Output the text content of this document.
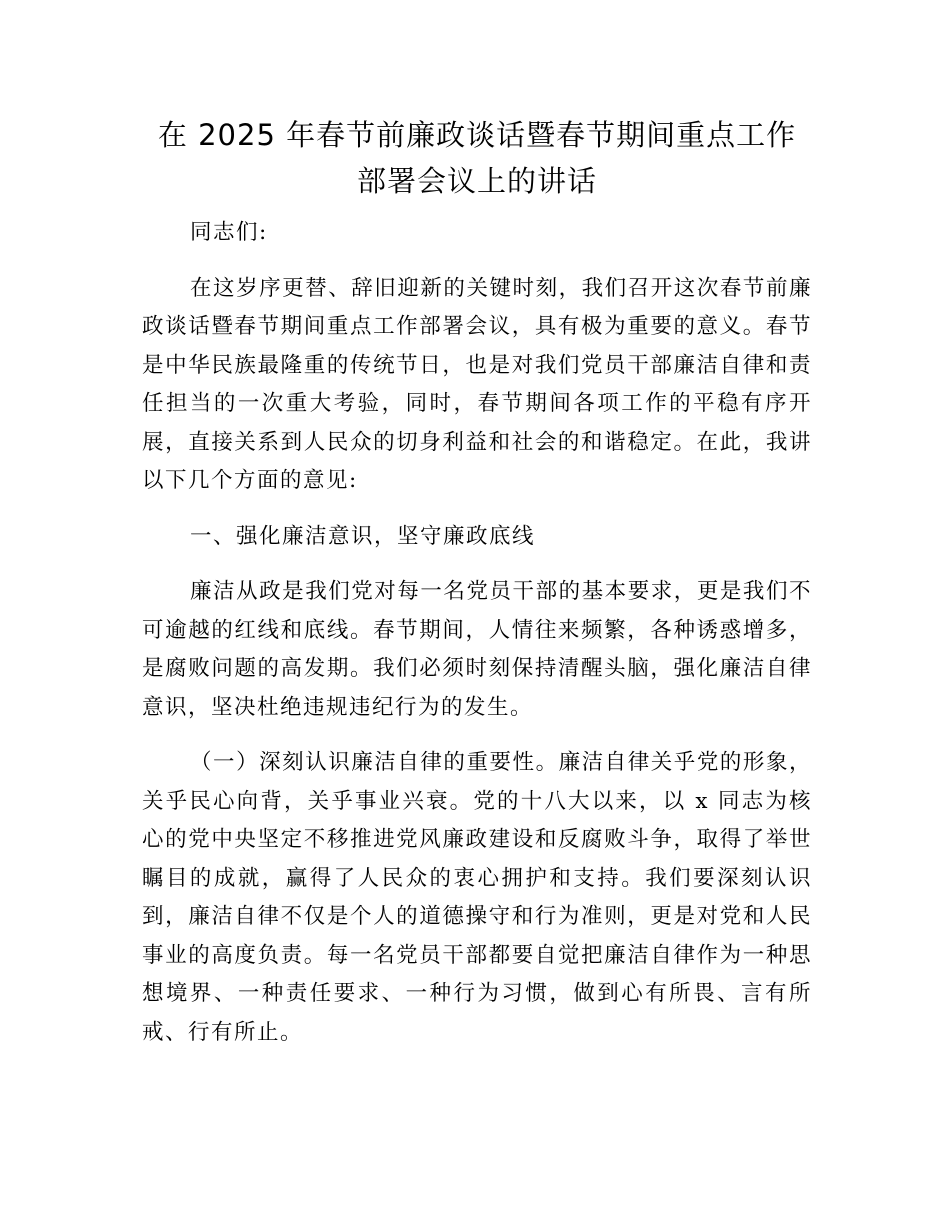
在 2025 年春节前廉政谈话暨春节期间重点工作
部署会议上的讲话

同志们:

在这岁序更替、辞旧迎新的关键时刻，我们召开这次春节前廉政谈话暨春节期间重点工作部署会议，具有极为重要的意义。春节是中华民族最隆重的传统节日，也是对我们党员干部廉洁自律和责任担当的一次重大考验，同时，春节期间各项工作的平稳有序开展，直接关系到人民众的切身利益和社会的和谐稳定。在此，我讲以下几个方面的意见:

一、强化廉洁意识，坚守廉政底线

廉洁从政是我们党对每一名党员干部的基本要求，更是我们不可逾越的红线和底线。春节期间，人情往来频繁，各种诱惑增多，是腐败问题的高发期。我们必须时刻保持清醒头脑，强化廉洁自律意识，坚决杜绝违规违纪行为的发生。

（一）深刻认识廉洁自律的重要性。廉洁自律关乎党的形象，关乎民心向背，关乎事业兴衰。党的十八大以来，以 x 同志为核心的党中央坚定不移推进党风廉政建设和反腐败斗争，取得了举世瞩目的成就，赢得了人民众的衷心拥护和支持。我们要深刻认识到，廉洁自律不仅是个人的道德操守和行为准则，更是对党和人民事业的高度负责。每一名党员干部都要自觉把廉洁自律作为一种思想境界、一种责任要求、一种行为习惯，做到心有所畏、言有所戒、行有所止。
